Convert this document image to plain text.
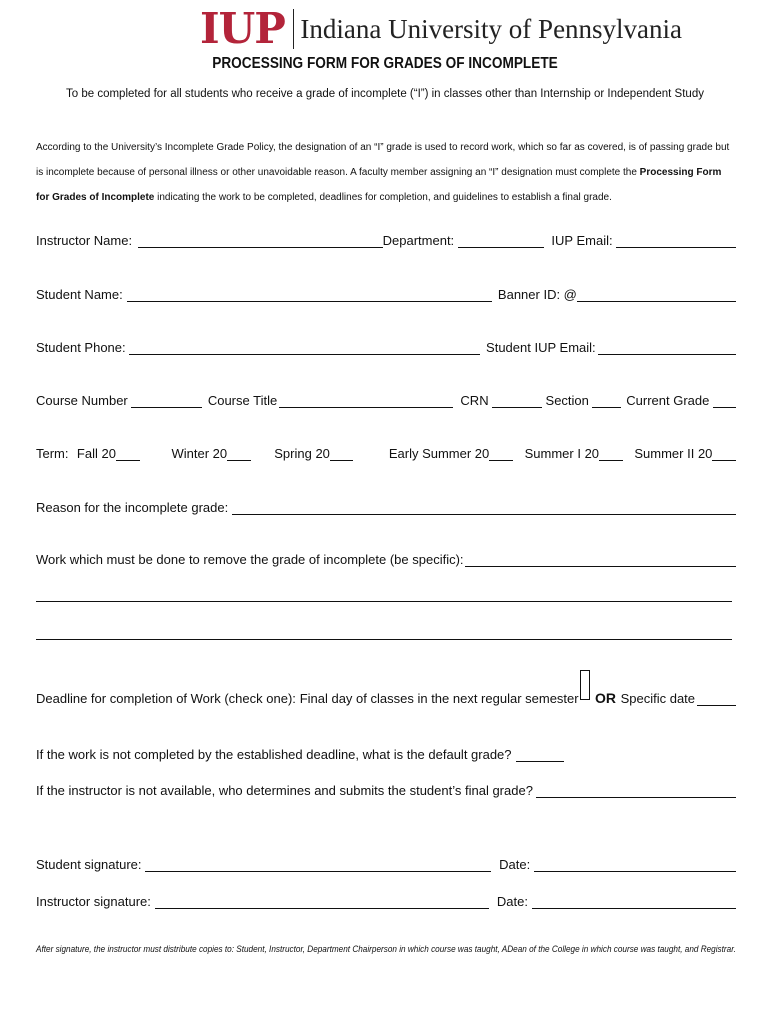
IUP Indiana University of Pennsylvania
PROCESSING FORM FOR GRADES OF INCOMPLETE
To be completed for all students who receive a grade of incomplete (“I”) in classes other than Internship or Independent Study
According to the University’s Incomplete Grade Policy, the designation of an “I” grade is used to record work, which so far as covered, is of passing grade but is incomplete because of personal illness or other unavoidable reason. A faculty member assigning an “I” designation must complete the Processing Form for Grades of Incomplete indicating the work to be completed, deadlines for completion, and guidelines to establish a final grade.
Instructor Name:	Department:	IUP Email:
Student Name:	Banner ID: @
Student Phone:	Student IUP Email:
Course Number	Course Title	CRN	Section	Current Grade
Term: Fall 20	Winter 20	Spring 20	Early Summer 20	Summer I 20	Summer II 20
Reason for the incomplete grade:
Work which must be done to remove the grade of incomplete (be specific):
Deadline for completion of Work (check one): Final day of classes in the next regular semester OR Specific date
If the work is not completed by the established deadline, what is the default grade?
If the instructor is not available, who determines and submits the student’s final grade?
Student signature:	Date:
Instructor signature:	Date:
After signature, the instructor must distribute copies to: Student, Instructor, Department Chairperson in which course was taught, ADean of the College in which course was taught, and Registrar.
